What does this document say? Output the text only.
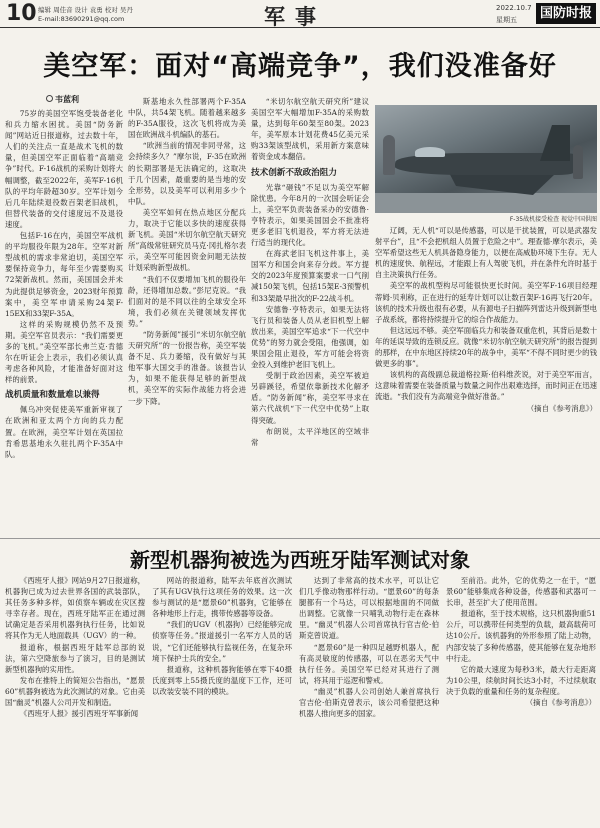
10 编辑 周佳音 设计 袁勇 校对 吴丹
E-mail:83690291@qq.com	军事	2022.10.7
星期五	国防时报
美空军：面对“高端竞争”，我们没准备好
韦蓝利

75岁的美国空军饱受装备老化和兵力缩水困扰。美国“防务新闻”网站近日报道称，过去数十年，人们的关注点一直是战术飞机的数量，但美国空军正面临着“高端竞争”时代。F-16战机的采购计划将大幅调整，截至2022年，美军F-16机队的平均年龄超30岁。空军计划今后几年陆续退役数百架老旧战机，但替代装备的交付速度远不及退役速度。

包括F-16在内，美国空军战机的平均服役年限为28年。空军对新型战机的需求非常迫切，美国空军要保持竞争力，每年至少需要购买72架新战机。然而，美国国会并未为此提供足够资金，2023财年预算案中，美空军申请采购24架F-15EX和33架F-35A。

这样的采购规模仍然不及预期。美空军官员表示：“我们需要更多的飞机。”美空军部长弗兰克·肯德尔在听证会上表示，我们必须认真考虑各种风险，才能准备好面对这样的前景。

战机质量和数量难以兼得

佩乌冲突促使美军重新审视了在欧洲和亚太两个方向的兵力配置。在欧洲，美空军计划在英国拉肯希思基地永久驻扎两个F-35A中队。

斯基地永久性部署两个F-35A中队，共54架飞机。随着越来越多的F-35A服役，这次飞机将成为美国在欧洲战斗机编队的基石。

“欧洲当前的情况非同寻常，这会持续多久？”摩尔说，F-35在欧洲的长期部署是无法确定的，这取决于几个因素，最重要的是当地的安全形势，以及美军可以利用多少个中队。

美空军如何在热点地区分配兵力，取决于它能以多快的速度获得新飞机。美国“米切尔航空航天研究所”高级常驻研究员马克·冈扎格尔表示，美空军可能因资金问题无法按计划采购新型战机。

“我们不仅要增加飞机的服役年龄，还得增加总数。”彭尼克说。“我们面对的是不同以往的全球安全环境，我们必须在关键领域发挥优势。”

“防务新闻”援引“米切尔航空航天研究所”的一份报告称，美空军装备不足、兵力萎缩，没有做好与其他军事大国交手的准备。该报告认为，如果不能获得足够的新型战机，美空军的实际作战能力将会进一步下降。

“米切尔航空航天研究所”建议美国空军大幅增加F-35A的采购数量，达到每年60架至80架。2023年，美军原本计划花费45亿美元采购33架该型战机，采用新方案意味着资金成本翻倍。

技术创新不敌政治阻力

光靠“砸钱”不足以为美空军解除忧患。今年8月的一次国会听证会上，美空军负责装备采办的安德鲁·亨特表示，如果美国国会不批准将更多老旧飞机退役，军方将无法进行适当的现代化。

在海武老旧飞机这件事上，美国军方和国会向来存分歧。军方提交的2023年度预算案要求一口气削减150架飞机，包括15架E-3预警机和33架最早批次的F-22战斗机。

安德鲁·亨特表示，如果无法将飞行员和装备人员从老旧机型上解放出来，美国空军追求“下一代空中优势”的努力就会受阻，他强调，如果国会阻止退役，军方可能会将资金投入到维护老旧飞机上。

受制于政治因素，美空军被迫另辟蹊径，希望依靠新技术化解矛盾。“防务新闻”称，美空军寻求在第六代战机“下一代空中优势”上取得突破。

布朗说，太平洋地区的空域非常

F-35战机接受检查 视觉中国供图

辽阔，无人机“可以是传感器，可以是干扰装置，可以是武器发射平台”，且“不会把机组人员置于危险之中”。理查德·摩尔表示，美空军希望这些无人机具备隐身能力，以便在高威胁环境下生存。无人机的速度快、航程远，才能跟上有人驾驶飞机，并在条件允许时基于自主决策执行任务。

美空军的战机型构尽可能很快更长时间。美空军F-16项目经理蒂姆·贝利称，正在进行的延寿计划可以让数百架F-16再飞行20年。该机的技术升级也很有必要，从有源电子扫描阵列雷达升级到新型电子战系统，都将持续提升它的综合作战能力。

但这远远不够。美空军面临兵力和装备双重危机，其背后是数十年的延误导致的连锁反应。就像“米切尔航空航天研究所”的报告提到的那样，在中东地区持续20年的战争中，美军“不得不同时更少的钱做更多的事”。

该机构的高级副总裁道格拉斯·伯科维茨说，对于美空军而言，这意味着需要在装备质量与数量之间作出艰难选择，而时间正在迅速流逝。“我们没有为高端竞争做好准备。”

（摘自《参考消息》）

新型机器狗被选为西班牙陆军测试对象

《西班牙人报》网站9月27日报道称，机器狗已成为过去世界各国的武装部队，其任务多种多样，如侦察车辆或在灾区搜寻幸存者。现在，西班牙陆军正在通过测试确定是否采用机器狗执行任务，比如说将其作为无人地面载具（UGV）的一种。

报道称，根据西班牙陆军总部的说法，第六空降旅参与了演习，目的是测试新型机器狗的实用性。

发布在推特上的简短公告指出，“愿景60”机器狗被选为此次测试的对象。它由美国“幽灵”机器人公司开发和制造。

《西班牙人报》援引西班牙军事新闻

网站的报道称，陆军去年底首次测试了其有UGV执行这项任务的效果。这一次参与测试的是“愿景60”机器狗，它能够在各种地形上行走，携带传感器等设备。

“我们的UGV（机器狗）已经能够完成侦察等任务。”报道援引一名军方人员的话说，“它们还能够执行监视任务，在复杂环境下保护士兵的安全。”

报道称，这种机器狗能够在零下40摄氏度到零上55摄氏度的温度下工作，还可以改装安装不同的模块。

达到了非常高的技术水平，可以让它们几乎像动物那样行动。“愿景60”的每条腿都有一个马达，可以根据地面的不同做出调整。它就像一只哺乳动物行走在森林里。“幽灵”机器人公司首席执行官吉伦·伯斯克曾说道。

“愿景60”是一种四足越野机器人，配有高灵敏度的传感器，可以在恶劣天气中执行任务。美国空军已经对其进行了测试，将其用于巡逻和警戒。

“幽灵”机器人公司创始人兼首席执行官吉伦·伯斯克曾表示，该公司希望把这种机器人推向更多的国家。

至前沿。此外，它的优势之一在于，“愿景60”能够集成各种设备，传感器和武器可一长串，甚至扩大了使用范围。

报道称，至于技术规格，这只机器狗重51公斤，可以携带任何类型的负载，最高载荷可达10公斤。该机器狗的外形参照了陆上动物，内部安装了多种传感器，使其能够在复杂地形中行走。

它的最大速度为每秒3米，最大行走距离为10公里，续航时间长达3小时，不过续航取决于负载的重量和任务的复杂程度。

（摘自《参考消息》）
